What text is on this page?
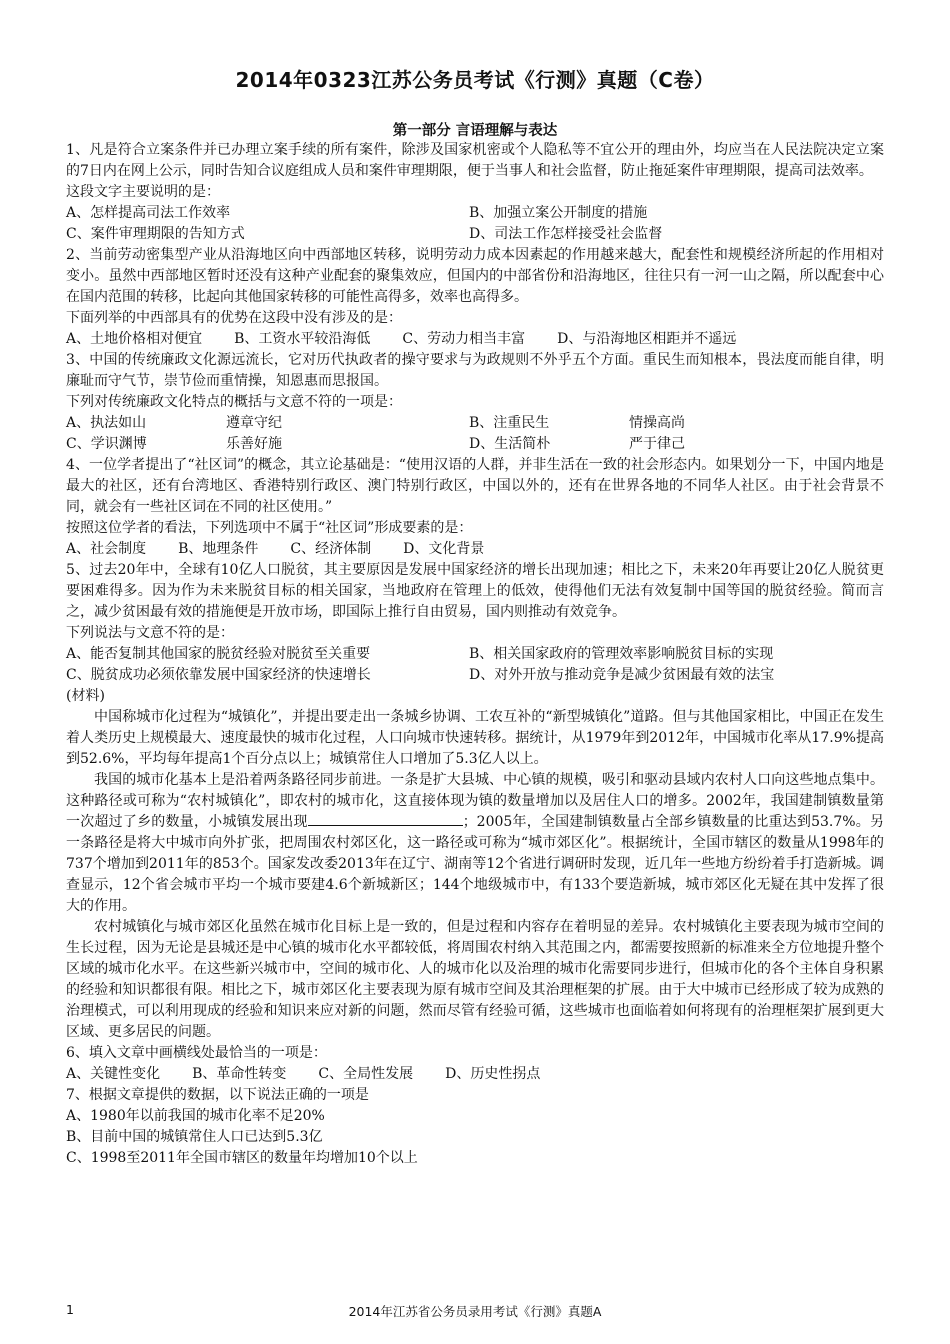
2014年0323江苏公务员考试《行测》真题（C卷）
第一部分 言语理解与表达

1、凡是符合立案条件并已办理立案手续的所有案件，除涉及国家机密或个人隐私等不宜公开的理由外，均应当在人民法院决定立案的7日内在网上公示，同时告知合议庭组成人员和案件审理期限，便于当事人和社会监督，防止拖延案件审理期限，提高司法效率。

这段文字主要说明的是：

A、怎样提高司法工作效率	B、加强立案公开制度的措施
C、案件审理期限的告知方式	D、司法工作怎样接受社会监督

2、当前劳动密集型产业从沿海地区向中西部地区转移，说明劳动力成本因素起的作用越来越大，配套性和规模经济所起的作用相对变小。虽然中西部地区暂时还没有这种产业配套的聚集效应，但国内的中部省份和沿海地区，往往只有一河一山之隔，所以配套中心在国内范围的转移，比起向其他国家转移的可能性高得多，效率也高得多。

下面列举的中西部具有的优势在这段中没有涉及的是：

A、土地价格相对便宜 B、工资水平较沿海低 C、劳动力相当丰富 D、与沿海地区相距并不遥远

3、中国的传统廉政文化源远流长，它对历代执政者的操守要求与为政规则不外乎五个方面。重民生而知根本，畏法度而能自律，明廉耻而守气节，崇节俭而重情操，知恩惠而思报国。

下列对传统廉政文化特点的概括与文意不符的一项是：

A、执法如山	遵章守纪	B、注重民生	情操高尚
C、学识渊博	乐善好施	D、生活简朴	严于律己

4、一位学者提出了“社区词”的概念，其立论基础是：“使用汉语的人群，并非生活在一致的社会形态内。如果划分一下，中国内地是最大的社区，还有台湾地区、香港特别行政区、澳门特别行政区，中国以外的，还有在世界各地的不同华人社区。由于社会背景不同，就会有一些社区词在不同的社区使用。”

按照这位学者的看法，下列选项中不属于“社区词”形成要素的是：

A、社会制度 B、地理条件 C、经济体制 D、文化背景

5、过去20年中，全球有10亿人口脱贫，其主要原因是发展中国家经济的增长出现加速；相比之下，未来20年再要让20亿人脱贫更要困难得多。因为作为未来脱贫目标的相关国家，当地政府在管理上的低效，使得他们无法有效复制中国等国的脱贫经验。简而言之，减少贫困最有效的措施便是开放市场，即国际上推行自由贸易，国内则推动有效竞争。

下列说法与文意不符的是：

A、能否复制其他国家的脱贫经验对脱贫至关重要	B、相关国家政府的管理效率影响脱贫目标的实现
C、脱贫成功必须依靠发展中国家经济的快速增长	D、对外开放与推动竞争是减少贫困最有效的法宝

(材料)

中国称城市化过程为“城镇化”，并提出要走出一条城乡协调、工农互补的“新型城镇化”道路。但与其他国家相比，中国正在发生着人类历史上规模最大、速度最快的城市化过程，人口向城市快速转移。据统计，从1979年到2012年，中国城市化率从17.9%提高到52.6%，平均每年提高1个百分点以上；城镇常住人口增加了5.3亿人以上。

我国的城市化基本上是沿着两条路径同步前进。一条是扩大县城、中心镇的规模，吸引和驱动县域内农村人口向这些地点集中。这种路径或可称为“农村城镇化”，即农村的城市化，这直接体现为镇的数量增加以及居住人口的增多。2002年，我国建制镇数量第一次超过了乡的数量，小城镇发展出现	；2005年，全国建制镇数量占全部乡镇数量的比重达到53.7%。另一条路径是将大中城市向外扩张，把周围农村郊区化，这一路径或可称为“城市郊区化”。根据统计，全国市辖区的数量从1998年的737个增加到2011年的853个。国家发改委2013年在辽宁、湖南等12个省进行调研时发现，近几年一些地方纷纷着手打造新城。调查显示，12个省会城市平均一个城市要建4.6个新城新区；144个地级城市中，有133个要造新城，城市郊区化无疑在其中发挥了很大的作用。

农村城镇化与城市郊区化虽然在城市化目标上是一致的，但是过程和内容存在着明显的差异。农村城镇化主要表现为城市空间的生长过程，因为无论是县城还是中心镇的城市化水平都较低，将周围农村纳入其范围之内，都需要按照新的标准来全方位地提升整个区域的城市化水平。在这些新兴城市中，空间的城市化、人的城市化以及治理的城市化需要同步进行，但城市化的各个主体自身积累的经验和知识都很有限。相比之下，城市郊区化主要表现为原有城市空间及其治理框架的扩展。由于大中城市已经形成了较为成熟的治理模式，可以利用现成的经验和知识来应对新的问题，然而尽管有经验可循，这些城市也面临着如何将现有的治理框架扩展到更大区域、更多居民的问题。

6、填入文章中画横线处最恰当的一项是：

A、关键性变化 B、革命性转变 C、全局性发展 D、历史性拐点

7、根据文章提供的数据，以下说法正确的一项是

A、1980年以前我国的城市化率不足20%

B、目前中国的城镇常住人口已达到5.3亿

C、1998至2011年全国市辖区的数量年均增加10个以上

2014年江苏省公务员录用考试《行测》真题A
1
